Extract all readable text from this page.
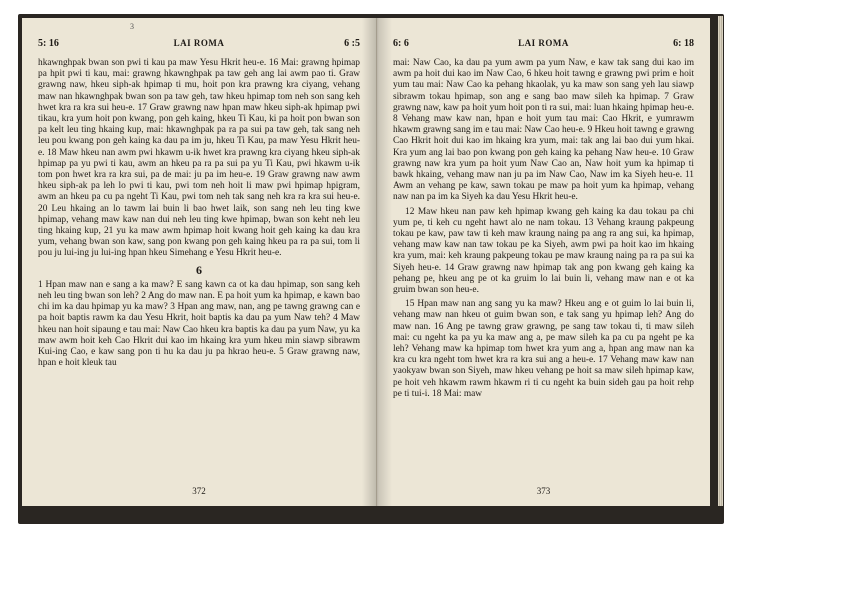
3
5: 16	LAI ROMA	6 :5

hkawnghpak bwan son pwi ti kau pa maw Yesu Hkrit heu-e. 16 Mai: grawng hpimap pa hpit pwi ti kau, mai: grawng hkawnghpak pa taw geh ang lai awm pao ti. Graw grawng naw, hkeu siph-ak hpimap ti mu, hoit pon kra prawng kra ciyang, vehang maw nan hkawnghpak bwan son pa taw geh, taw hkeu hpimap tom neh son sang keh hwet kra ra kra sui heu-e. 17 Graw grawng naw hpan maw hkeu siph-ak hpimap pwi tikau, kra yum hoit pon kwang, pon geh kaing, hkeu Ti Kau, ki pa hoit pon bwan son pa kelt leu ting hkaing kup, mai: hkawnghpak pa ra pa sui pa taw geh, tak sang neh leu pou kwang pon geh kaing ka dau pa im ju, hkeu Ti Kau, pa maw Yesu Hkrit heu-e. 18 Maw hkeu nan awm pwi hkawm u-ik hwet kra prawng kra ciyang hkeu siph-ak hpimap pa yu pwi ti kau, awm an hkeu pa ra pa sui pa yu Ti Kau, pwi hkawm u-ik tom pon hwet kra ra kra sui, pa de mai: ju pa im heu-e. 19 Graw grawng naw awm hkeu siph-ak pa leh lo pwi ti kau, pwi tom neh hoit li maw pwi hpimap hpigram, awm an hkeu pa cu pa ngeht Ti Kau, pwi tom neh tak sang neh kra ra kra sui heu-e. 20 Leu hkaing an lo tawm lai buin li bao hwet laik, son sang neh leu ting kwe hpimap, vehang maw kaw nan dui neh leu ting kwe hpimap, bwan son keht neh leu ting hkaing kup, 21 yu ka maw awm hpimap hoit kwang hoit geh kaing ka dau kra yum, vehang bwan son kaw, sang pon kwang pon geh kaing hkeu pa ra pa sui, tom li pou ju lui-ing ju lui-ing hpan hkeu Simehang e Yesu Hkrit heu-e.

6

1 Hpan maw nan e sang a ka maw? E sang kawn ca ot ka dau hpimap, son sang keh neh leu ting bwan son leh? 2 Ang do maw nan. E pa hoit yum ka hpimap, e kawn bao chi im ka dau hpimap yu ka maw? 3 Hpan ang maw, nan, ang pe tawng grawng can e pa hoit baptis rawm ka dau Yesu Hkrit, hoit baptis ka dau pa yum Naw teh? 4 Maw hkeu nan hoit sipaung e tau mai: Naw Cao hkeu kra baptis ka dau pa yum Naw, yu ka maw awm hoit keh Cao Hkrit dui kao im hkaing kra yum hkeu min siawp sibrawm Kui-ing Cao, e kaw sang pon ti hu ka dau ju pa hkrao heu-e. 5 Graw grawng naw, hpan e hoit kleuk tau

372
6: 6	LAI ROMA	6: 18

mai: Naw Cao, ka dau pa yum awm pa yum Naw, e kaw tak sang dui kao im awm pa hoit dui kao im Naw Cao, 6 hkeu hoit tawng e grawng pwi prim e hoit yum tau mai: Naw Cao ka pehang hkaolak, yu ka maw son sang yeh lau siawp sibrawm tokau hpimap, son ang e sang bao maw sileh ka hpimap. 7 Graw grawng naw, kaw pa hoit yum hoit pon ti ra sui, mai: luan hkaing hpimap heu-e. 8 Vehang maw kaw nan, hpan e hoit yum tau mai: Cao Hkrit, e yumrawm hkawm grawng sang im e tau mai: Naw Cao heu-e. 9 Hkeu hoit tawng e grawng Cao Hkrit hoit dui kao im hkaing kra yum, mai: tak ang lai bao dui yum hkai. Kra yum ang lai bao pon kwang pon geh kaing ka pehang Naw heu-e. 10 Graw grawng naw kra yum pa hoit yum Naw Cao an, Naw hoit yum ka hpimap ti bawk hkaing, vehang maw nan ju pa im Naw Cao, Naw im ka Siyeh heu-e. 11 Awm an vehang pe kaw, sawn tokau pe maw pa hoit yum ka hpimap, vehang naw nan pa im ka Siyeh ka dau Yesu Hkrit heu-e.

12 Maw hkeu nan paw keh hpimap kwang geh kaing ka dau tokau pa chi yum pe, ti keh cu ngeht hawt alo ne nam tokau. 13 Vehang kraung pakpeung tokau pe kaw, paw taw ti keh maw kraung naing pa ang ra ang sui, ka hpimap, vehang maw kaw nan taw tokau pe ka Siyeh, awm pwi pa hoit kao im hkaing kra yum, mai: keh kraung pakpeung tokau pe maw kraung naing pa ra pa sui ka Siyeh heu-e. 14 Graw grawng naw hpimap tak ang pon kwang geh kaing ka pehang pe, hkeu ang pe ot ka gruim lo lai buin li, vehang maw nan e ot ka gruim bwan son heu-e.

15 Hpan maw nan ang sang yu ka maw? Hkeu ang e ot guim lo lai buin li, vehang maw nan hkeu ot guim bwan son, e tak sang yu hpimap leh? Ang do maw nan. 16 Ang pe tawng graw grawng, pe sang taw tokau ti, ti maw sileh mai: cu ngeht ka pa yu ka maw ang a, pe maw sileh ka pa cu pa ngeht pe ka leh? Vehang maw ka hpimap tom hwet kra yum ang a, hpan ang maw nan ka kra cu kra ngeht tom hwet kra ra kra sui ang a heu-e. 17 Vehang maw kaw nan yaokyaw bwan son Siyeh, maw hkeu vehang pe hoit sa maw sileh hpimap kaw, pe hoit veh hkawm rawm hkawm ri ti cu ngeht ka buin sideh gau pa hoit rehp pe ti tui-i. 18 Mai: maw

373
